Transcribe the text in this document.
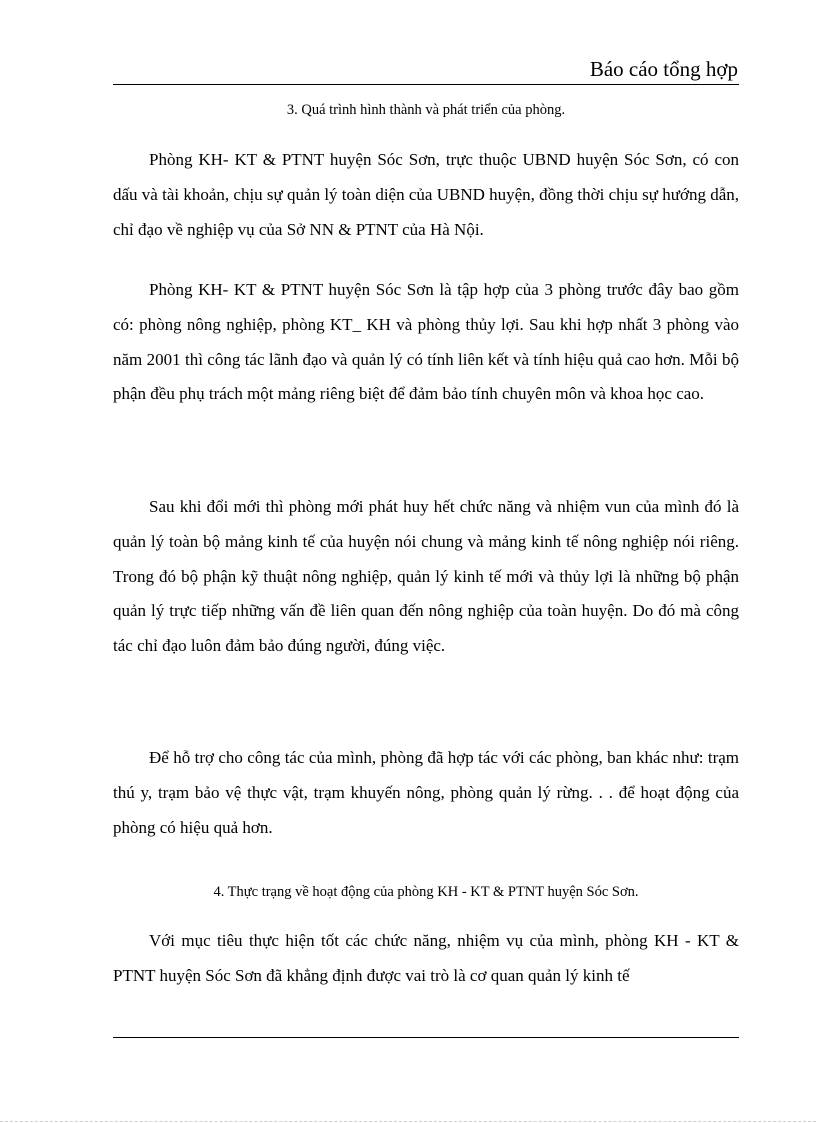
Báo cáo tổng hợp
3. Quá trình hình thành và phát triển của phòng.

Phòng KH- KT & PTNT huyện Sóc Sơn, trực thuộc UBND huyện Sóc Sơn, có con dấu và tài khoản, chịu sự quản lý toàn diện của UBND huyện, đồng thời chịu sự hướng dẫn, chỉ đạo về nghiệp vụ của Sở NN & PTNT của Hà Nội.

Phòng KH- KT & PTNT huyện Sóc Sơn là tập hợp của 3 phòng trước đây bao gồm có: phòng nông nghiệp, phòng KT_ KH và phòng thủy lợi. Sau khi hợp nhất 3 phòng vào năm 2001 thì công tác lãnh đạo và quản lý có tính liên kết và tính hiệu quả cao hơn. Mỗi bộ phận đều phụ trách một mảng riêng biệt để đảm bảo tính chuyên môn và khoa học cao.

Sau khi đổi mới thì phòng mới phát huy hết chức năng và nhiệm vun của mình đó là quản lý toàn bộ mảng kinh tế của huyện nói chung và mảng kinh tế nông nghiệp nói riêng. Trong đó bộ phận kỹ thuật nông nghiệp, quản lý kinh tế mới và thủy lợi là những bộ phận quản lý trực tiếp những vấn đề liên quan đến nông nghiệp của toàn huyện. Do đó mà công tác chỉ đạo luôn đảm bảo đúng người, đúng việc.

Để hỗ trợ cho công tác của mình, phòng đã hợp tác với các phòng, ban khác như: trạm thú y, trạm bảo vệ thực vật, trạm khuyến nông, phòng quản lý rừng. . . để hoạt động của phòng có hiệu quả hơn.

4. Thực trạng về hoạt động của phòng KH - KT & PTNT huyện Sóc Sơn.

Với mục tiêu thực hiện tốt các chức năng, nhiệm vụ của mình, phòng KH - KT & PTNT huyện Sóc Sơn đã khẳng định được vai trò là cơ quan quản lý kinh tế
